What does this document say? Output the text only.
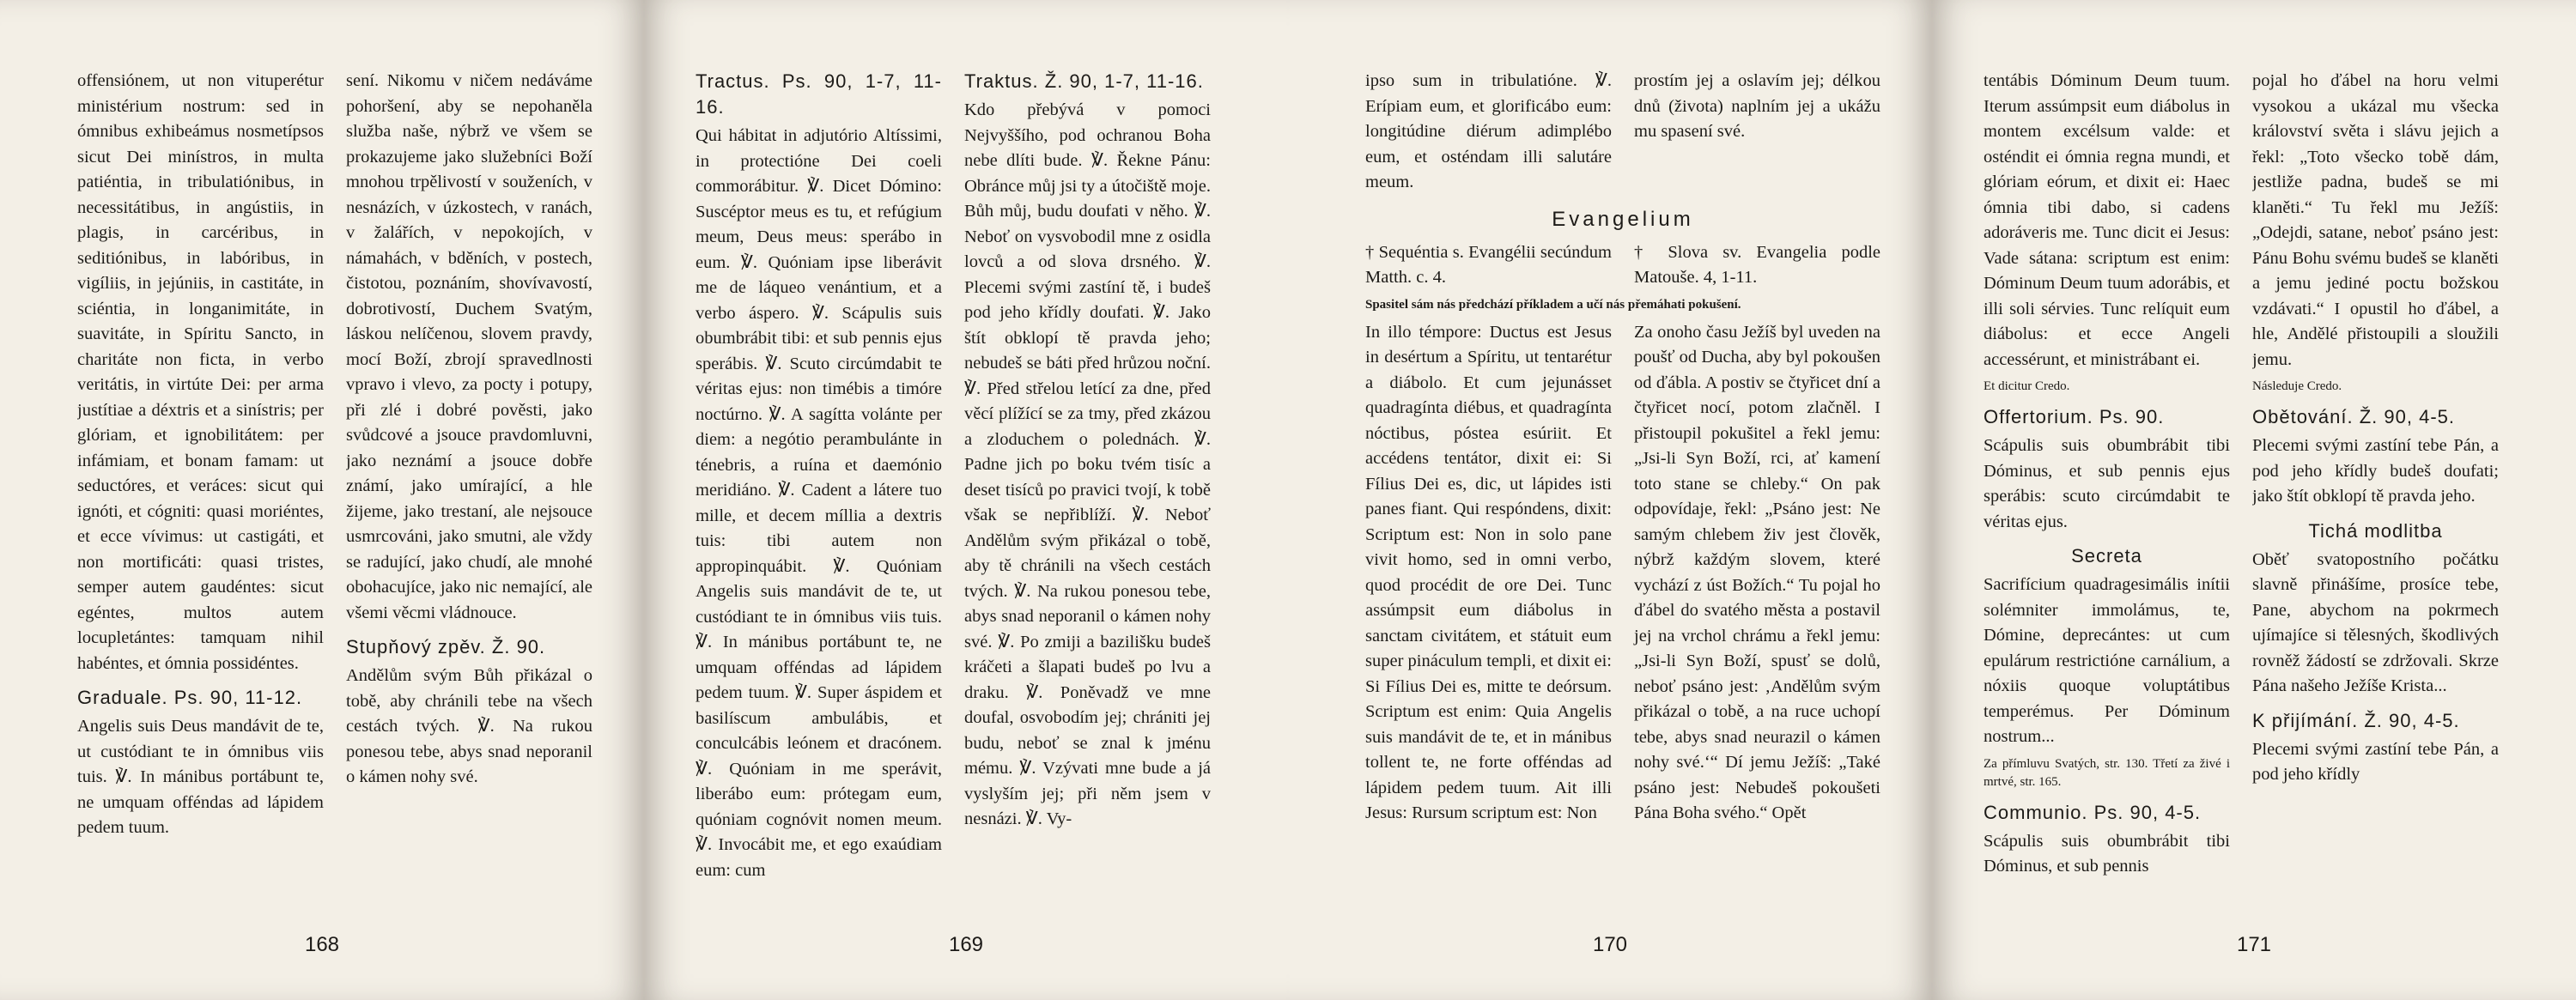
offensiónem, ut non vituperétur ministérium nostrum: sed in ómnibus exhibeámus nosmetípsos sicut Dei minístros, in multa patiéntia, in tribulatiónibus, in necessitátibus, in angústiis, in plagis, in carcéribus, in seditiónibus, in labóribus, in vigíliis, in jejúniis, in castitáte, in sciéntia, in longanimitáte, in suavitáte, in Spíritu Sancto, in charitáte non ficta, in verbo veritátis, in virtúte Dei: per arma justítiae a déxtris et a sinístris; per glóriam, et ignobilitátem: per infámiam, et bonam famam: ut seductóres, et veráces: sicut qui ignóti, et cógniti: quasi moriéntes, et ecce vívimus: ut castigáti, et non mortificáti: quasi tristes, semper autem gaudéntes: sicut egéntes, multos autem locupletántes: tamquam nihil habéntes, et ómnia possidéntes.

Graduale. Ps. 90, 11-12.

Angelis suis Deus mandávit de te, ut custódiant te in ómnibus viis tuis. ℣. In mánibus portábunt te, ne umquam offéndas ad lápidem pedem tuum.

sení. Nikomu v ničem nedáváme pohoršení, aby se nepohaněla služba naše, nýbrž ve všem se prokazujeme jako služebníci Boží mnohou trpělivostí v souženích, v nesnázích, v úzkostech, v ranách, v žalářích, v nepokojích, v námahách, v bděních, v postech, čistotou, poznáním, shovívavostí, dobrotivostí, Duchem Svatým, láskou nelíčenou, slovem pravdy, mocí Boží, zbrojí spravedlnosti vpravo i vlevo, za pocty i potupy, při zlé i dobré pověsti, jako svůdcové a jsouce pravdomluvni, jako neznámí a jsouce dobře známí, jako umírající, a hle žijeme, jako trestaní, ale nejsouce usmrcováni, jako smutni, ale vždy se radující, jako chudí, ale mnohé obohacujíce, jako nic nemající, ale všemi věcmi vládnouce.

Stupňový zpěv. Ž. 90.

Andělům svým Bůh přikázal o tobě, aby chránili tebe na všech cestách tvých. ℣. Na rukou ponesou tebe, abys snad neporanil o kámen nohy své.

168
Tractus. Ps. 90, 1-7, 11-16.

Qui hábitat in adjutório Altíssimi, in protectióne Dei coeli commorábitur. ℣. Dicet Dómino: Suscéptor meus es tu, et refúgium meum, Deus meus: sperábo in eum. ℣. Quóniam ipse liberávit me de láqueo venántium, et a verbo áspero. ℣. Scápulis suis obumbrábit tibi: et sub pennis ejus sperábis. ℣. Scuto circúmdabit te véritas ejus: non timébis a timóre noctúrno. ℣. A sagítta volánte per diem: a negótio perambulánte in ténebris, a ruína et daemónio meridiáno. ℣. Cadent a látere tuo mille, et decem míllia a dextris tuis: tibi autem non appropinquábit. ℣. Quóniam Angelis suis mandávit de te, ut custódiant te in ómnibus viis tuis. ℣. In mánibus portábunt te, ne umquam offéndas ad lápidem pedem tuum. ℣. Super áspidem et basilíscum ambulábis, et conculcábis leónem et dracónem. ℣. Quóniam in me sperávit, liberábo eum: prótegam eum, quóniam cognóvit nomen meum. ℣. Invocábit me, et ego exaúdiam eum: cum

Traktus. Ž. 90, 1-7, 11-16.

Kdo přebývá v pomoci Nejvyššího, pod ochranou Boha nebe dlíti bude. ℣. Řekne Pánu: Obránce můj jsi ty a útočiště moje. Bůh můj, budu doufati v něho. ℣. Neboť on vysvobodil mne z osidla lovců a od slova drsného. ℣. Plecemi svými zastíní tě, i budeš pod jeho křídly doufati. ℣. Jako štít obklopí tě pravda jeho; nebudeš se báti před hrůzou noční. ℣. Před střelou letící za dne, před věcí plížící se za tmy, před zkázou a zloduchem o polednách. ℣. Padne jich po boku tvém tisíc a deset tisíců po pravici tvojí, k tobě však se nepřiblíží. ℣. Neboť Andělům svým přikázal o tobě, aby tě chránili na všech cestách tvých. ℣. Na rukou ponesou tebe, abys snad neporanil o kámen nohy své. ℣. Po zmiji a bazilišku budeš kráčeti a šlapati budeš po lvu a draku. ℣. Poněvadž ve mne doufal, osvobodím jej; chrániti jej budu, neboť se znal k jménu mému. ℣. Vzývati mne bude a já vyslyším jej; při něm jsem v nesnázi. ℣. Vy-

169
ipso sum in tribulatióne. ℣. Erípiam eum, et glorificábo eum: longitúdine diérum adimplébo eum, et osténdam illi salutáre meum.
prostím jej a oslavím jej; délkou dnů (života) naplním jej a ukážu mu spasení své.
Evangelium
† Sequéntia s. Evangélii secúndum Matth. c. 4.
† Slova sv. Evangelia podle Matouše. 4, 1-11.
Spasitel sám nás předchází příkladem a učí nás přemáhati pokušení.
In illo témpore: Ductus est Jesus in desértum a Spíritu, ut tentarétur a diábolo. Et cum jejunásset quadragínta diébus, et quadragínta nóctibus, póstea esúriit. Et accédens tentátor, dixit ei: Si Fílius Dei es, dic, ut lápides isti panes fiant. Qui respóndens, dixit: Scriptum est: Non in solo pane vivit homo, sed in omni verbo, quod procédit de ore Dei. Tunc assúmpsit eum diábolus in sanctam civitátem, et státuit eum super pináculum templi, et dixit ei: Si Fílius Dei es, mitte te deórsum. Scriptum est enim: Quia Angelis suis mandávit de te, et in mánibus tollent te, ne forte offéndas ad lápidem pedem tuum. Ait illi Jesus: Rursum scriptum est: Non
Za onoho času Ježíš byl uveden na poušť od Ducha, aby byl pokoušen od ďábla. A postiv se čtyřicet dní a čtyřicet nocí, potom zlačněl. I přistoupil pokušitel a řekl jemu: „Jsi-li Syn Boží, rci, ať kamení toto stane se chleby.“ On pak odpovídaje, řekl: „Psáno jest: Ne samým chlebem živ jest člověk, nýbrž každým slovem, které vychází z úst Božích.“ Tu pojal ho ďábel do svatého města a postavil jej na vrchol chrámu a řekl jemu: „Jsi-li Syn Boží, spusť se dolů, neboť psáno jest: ‚Andělům svým přikázal o tobě, a na ruce uchopí tebe, abys snad neurazil o kámen nohy své.‘“ Dí jemu Ježíš: „Také psáno jest: Nebudeš pokoušeti Pána Boha svého.“ Opět
170

tentábis Dóminum Deum tuum. Iterum assúmpsit eum diábolus in montem excélsum valde: et osténdit ei ómnia regna mundi, et glóriam eórum, et dixit ei: Haec ómnia tibi dabo, si cadens adoráveris me. Tunc dicit ei Jesus: Vade sátana: scriptum est enim: Dóminum Deum tuum adorábis, et illi soli sérvies. Tunc relíquit eum diábolus: et ecce Angeli accessérunt, et ministrábant ei.

Et dicitur Credo.
Offertorium. Ps. 90.

Scápulis suis obumbrábit tibi Dóminus, et sub pennis ejus sperábis: scuto circúmdabit te véritas ejus.

Secreta

Sacrifícium quadragesimális inítii solémniter immolámus, te, Dómine, deprecántes: ut cum epulárum restrictióne carnálium, a nóxiis quoque voluptátibus temperémus. Per Dóminum nostrum...

Za přímluvu Svatých, str. 130. Třetí za živé i mrtvé, str. 165.
Communio. Ps. 90, 4-5.

Scápulis suis obumbrábit tibi Dóminus, et sub pennis

pojal ho ďábel na horu velmi vysokou a ukázal mu všecka království světa i slávu jejich a řekl: „Toto všecko tobě dám, jestliže padna, budeš se mi klaněti.“ Tu řekl mu Ježíš: „Odejdi, satane, neboť psáno jest: Pánu Bohu svému budeš se klaněti a jemu jediné poctu božskou vzdávati.“ I opustil ho ďábel, a hle, Andělé přistoupili a sloužili jemu.

Následuje Credo.
Obětování. Ž. 90, 4-5.

Plecemi svými zastíní tebe Pán, a pod jeho křídly budeš doufati; jako štít obklopí tě pravda jeho.

Tichá modlitba

Oběť svatopostního počátku slavně přinášíme, prosíce tebe, Pane, abychom na pokrmech ujímajíce si tělesných, škodlivých rovněž žádostí se zdržovali. Skrze Pána našeho Ježíše Krista...

K přijímání. Ž. 90, 4-5.

Plecemi svými zastíní tebe Pán, a pod jeho křídly

171
